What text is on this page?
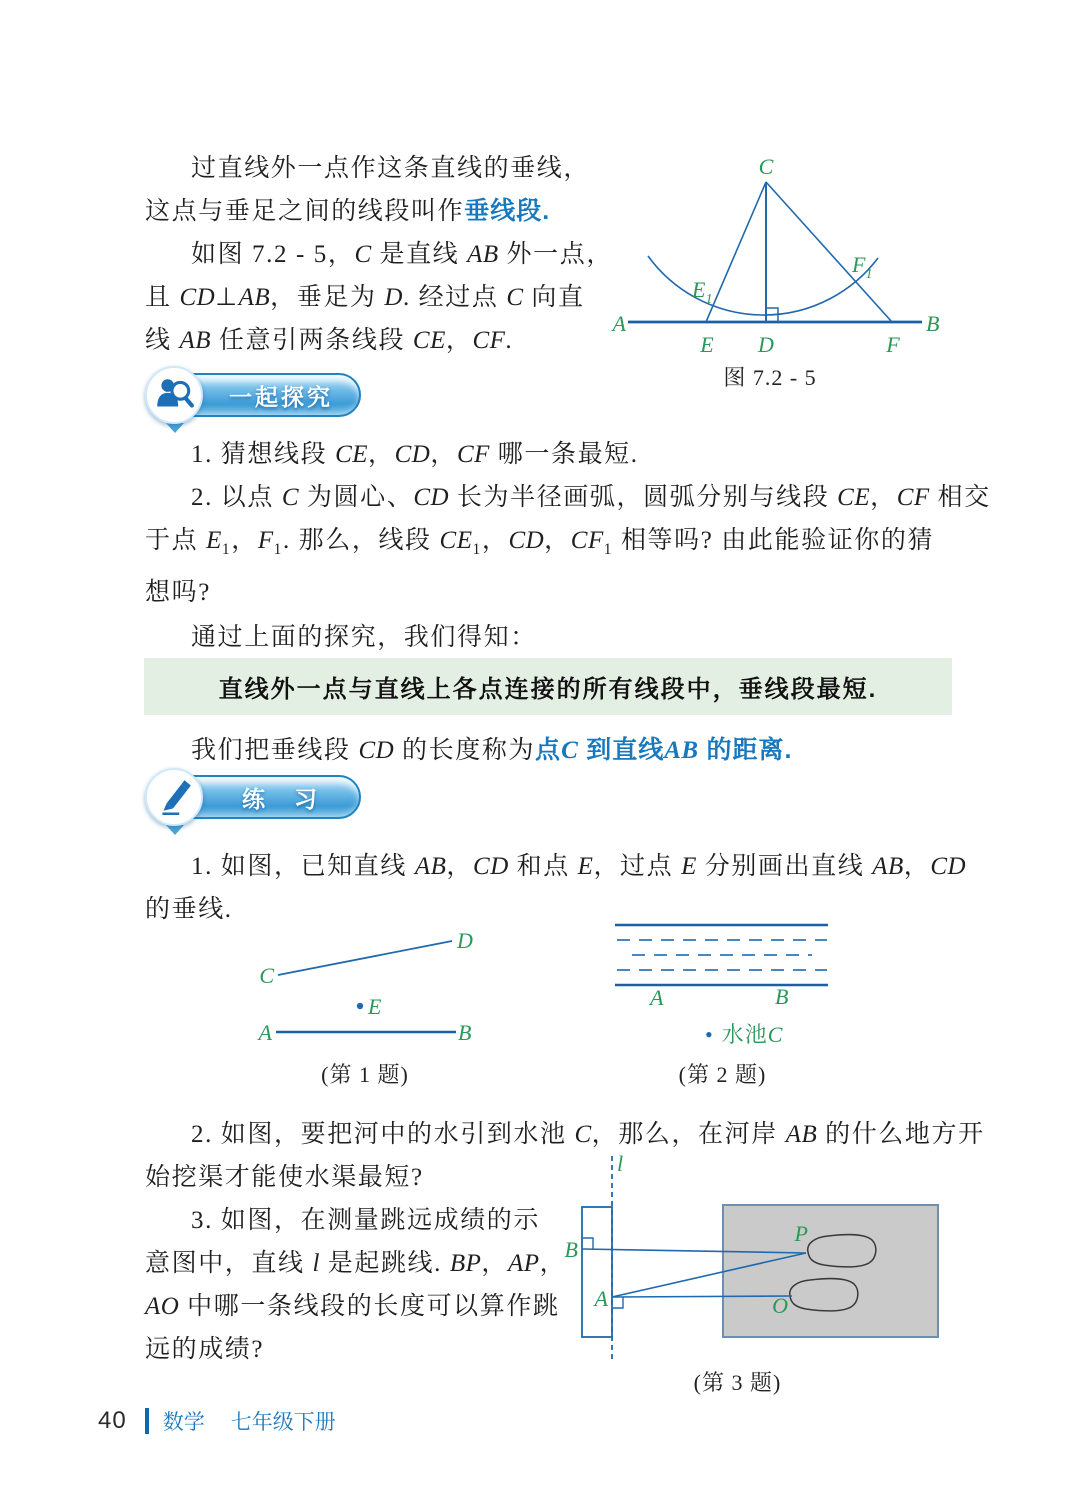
过直线外一点作这条直线的垂线，
这点与垂足之间的线段叫作垂线段.
如图 7.2 - 5，C 是直线 AB 外一点，
且 CD⊥AB，垂足为 D. 经过点 C 向直
线 AB 任意引两条线段 CE，CF.
C
A	B
E D	F
$E_1$
$F_1$
图 7.2 - 5
一起探究
1. 猜想线段 CE，CD，CF 哪一条最短.
2. 以点 C 为圆心、CD 长为半径画弧，圆弧分别与线段 CE，CF 相交
于点 $E_1$，$F_1$. 那么，线段 $CE_1$，CD，$CF_1$ 相等吗? 由此能验证你的猜
想吗?
通过上面的探究，我们得知：
直线外一点与直线上各点连接的所有线段中，垂线段最短.
我们把垂线段 CD 的长度称为点C 到直线AB 的距离.
练　习
1. 如图，已知直线 AB，CD 和点 E，过点 E 分别画出直线 AB，CD
的垂线.
C
D
E
A	B
(第 1 题)
A	B
• 水池C
(第 2 题)
2. 如图，要把河中的水引到水池 C，那么，在河岸 AB 的什么地方开
始挖渠才能使水渠最短?
3. 如图，在测量跳远成绩的示
意图中，直线 l 是起跳线. BP，AP，
AO 中哪一条线段的长度可以算作跳
远的成绩?
l
B
A
P
O
(第 3 题)
40 数学 七年级下册
